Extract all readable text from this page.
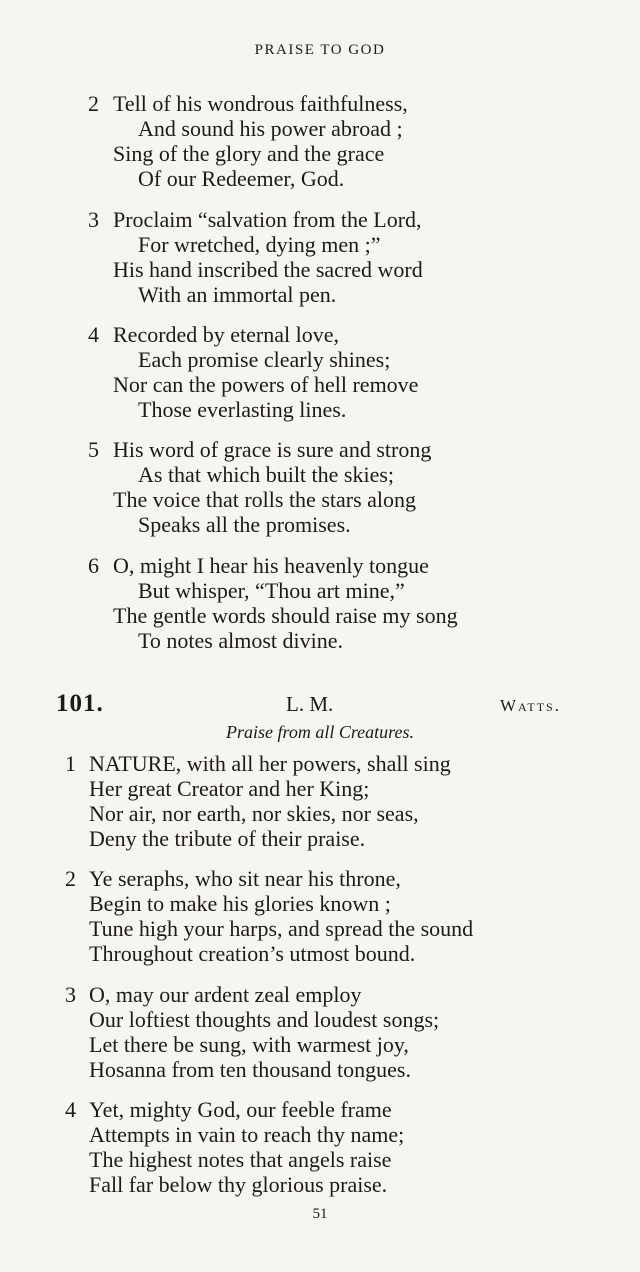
PRAISE TO GOD
2 Tell of his wondrous faithfulness,
And sound his power abroad ;
Sing of the glory and the grace
Of our Redeemer, God.
3 Proclaim “salvation from the Lord,
For wretched, dying men ;”
His hand inscribed the sacred word
With an immortal pen.
4 Recorded by eternal love,
Each promise clearly shines;
Nor can the powers of hell remove
Those everlasting lines.
5 His word of grace is sure and strong
As that which built the skies;
The voice that rolls the stars along
Speaks all the promises.
6 O, might I hear his heavenly tongue
But whisper, “Thou art mine,”
The gentle words should raise my song
To notes almost divine.
101.	L. M.	Watts.
Praise from all Creatures.
1 NATURE, with all her powers, shall sing
Her great Creator and her King;
Nor air, nor earth, nor skies, nor seas,
Deny the tribute of their praise.
2 Ye seraphs, who sit near his throne,
Begin to make his glories known ;
Tune high your harps, and spread the sound
Throughout creation’s utmost bound.
3 O, may our ardent zeal employ
Our loftiest thoughts and loudest songs;
Let there be sung, with warmest joy,
Hosanna from ten thousand tongues.
4 Yet, mighty God, our feeble frame
Attempts in vain to reach thy name;
The highest notes that angels raise
Fall far below thy glorious praise.
51
